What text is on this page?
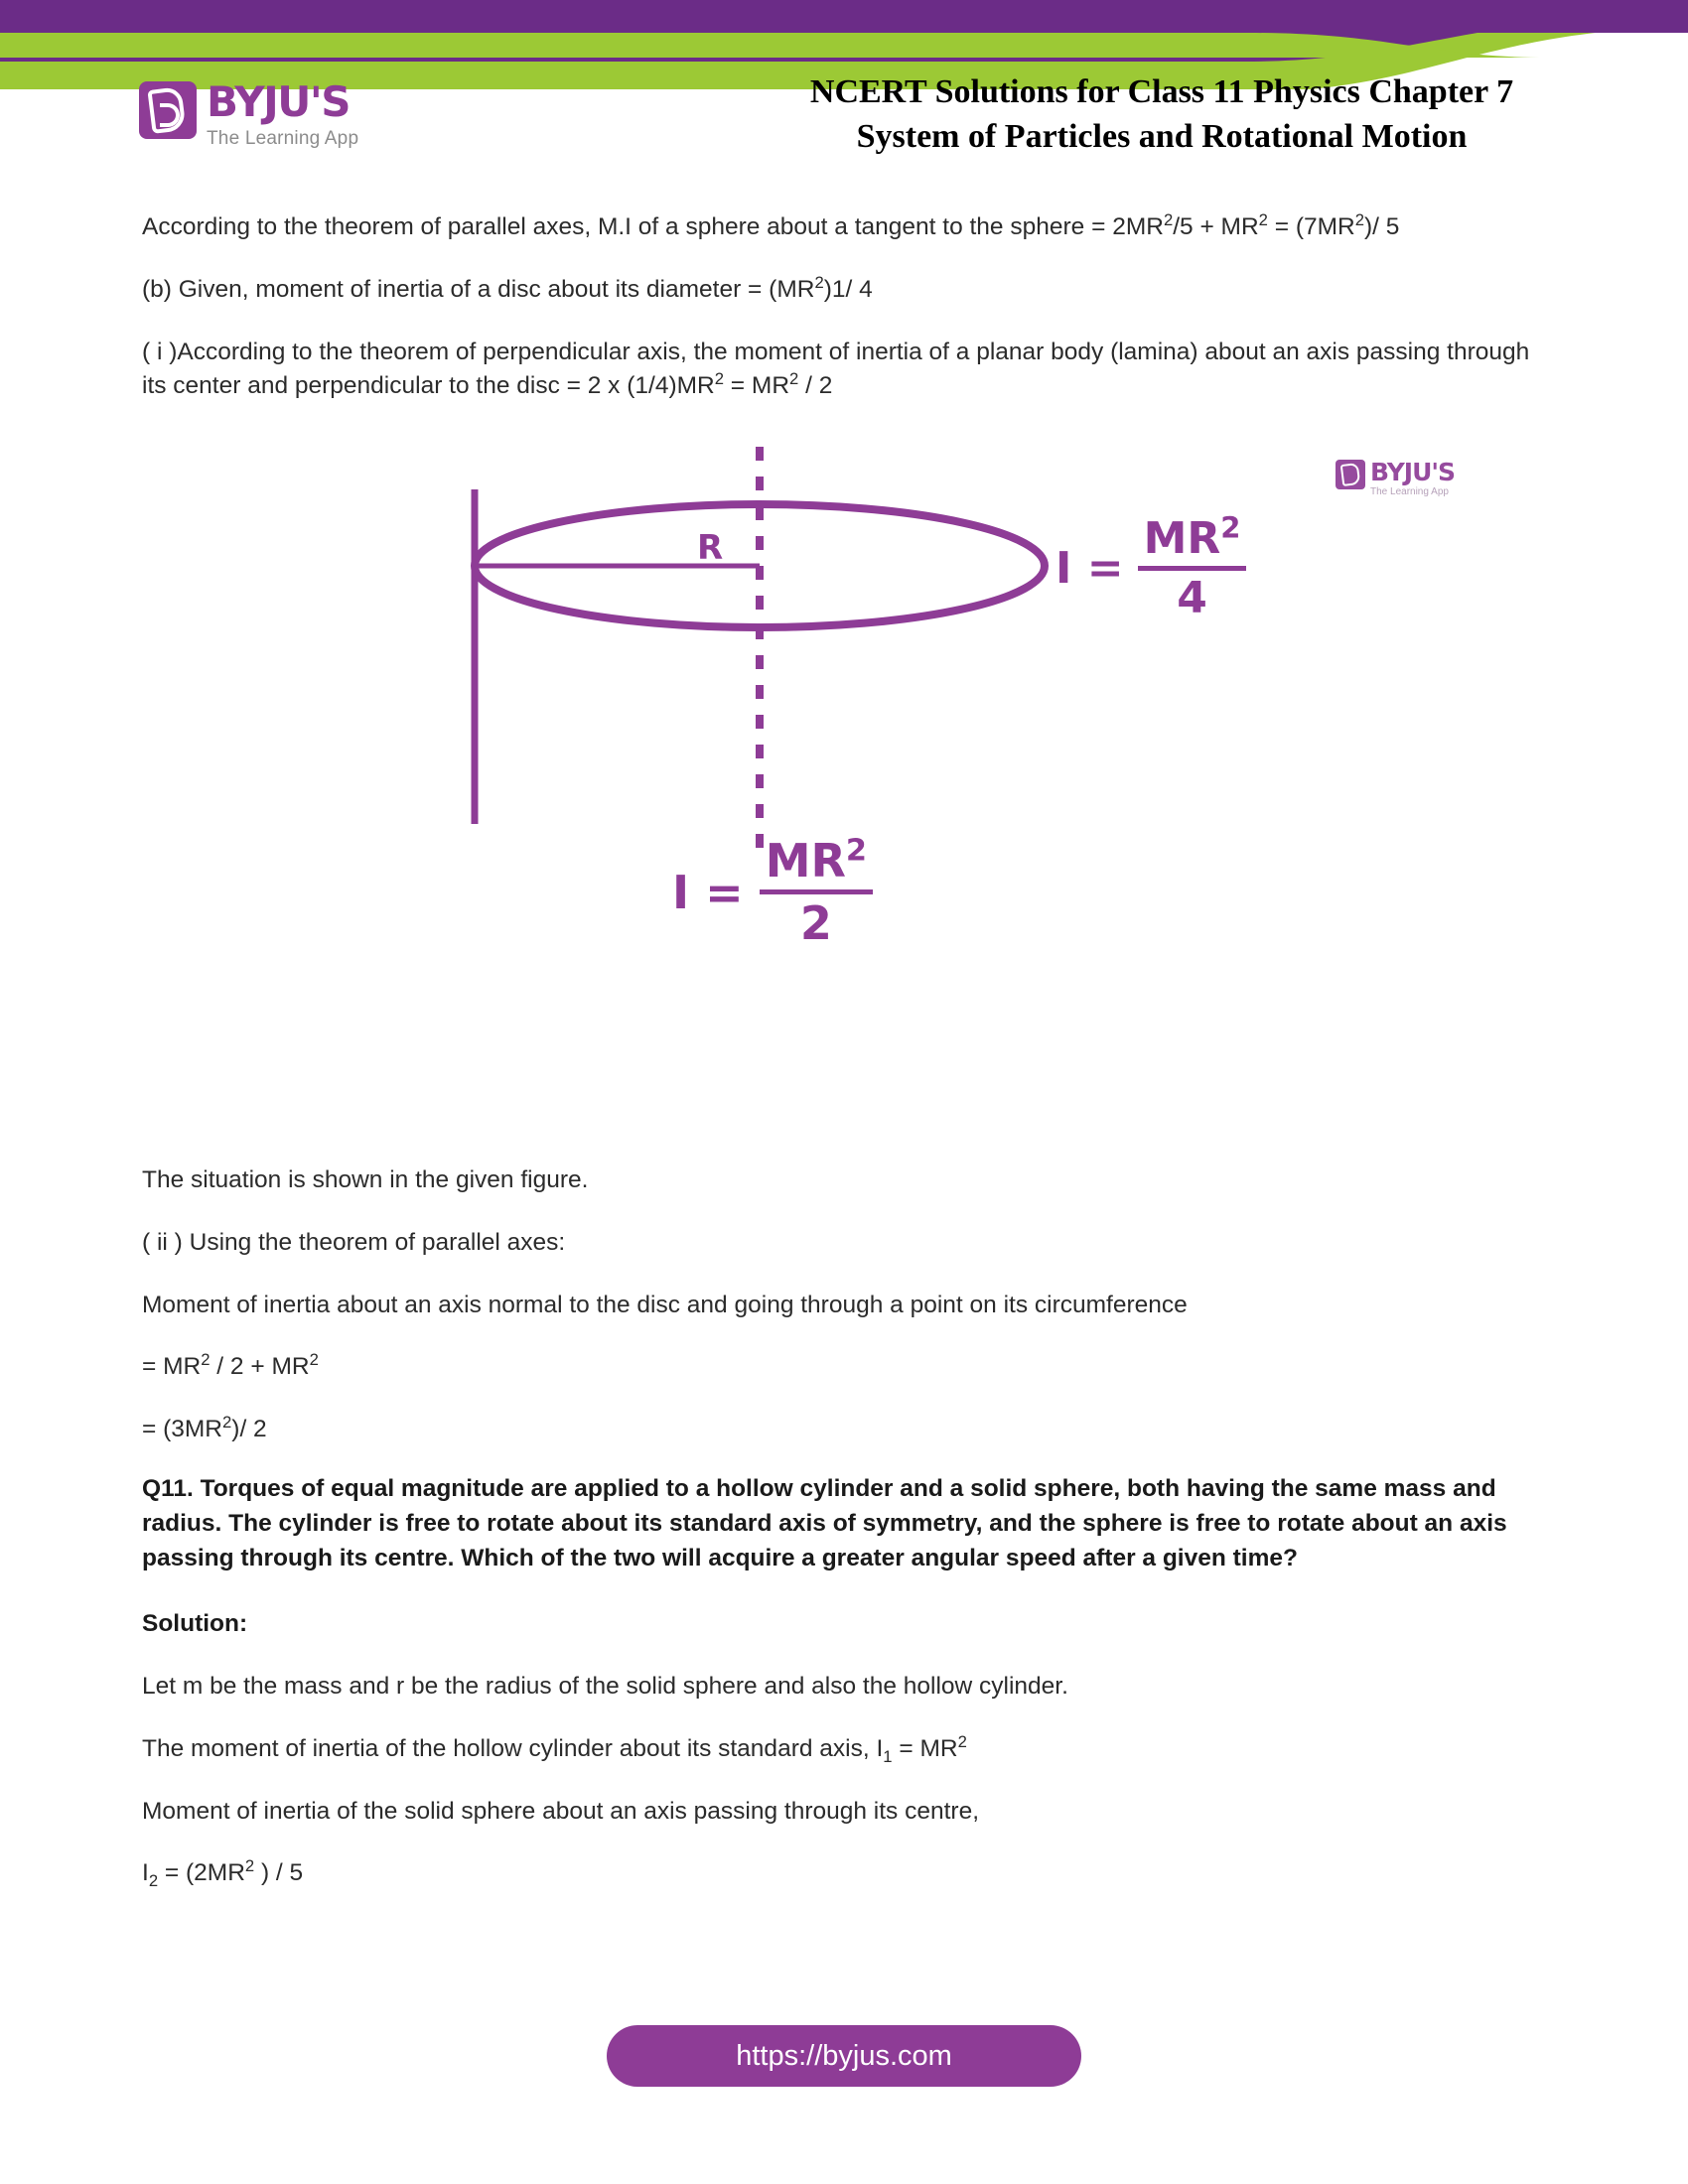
BYJU'S
The Learning App
NCERT Solutions for Class 11 Physics Chapter 7
System of Particles and Rotational Motion

According to the theorem of parallel axes, M.I of a sphere about a tangent to the sphere = $2MR^2/5 + MR^2 = (7MR^2)/$ 5

(b) Given, moment of inertia of a disc about its diameter = $(MR^2)1/$ 4

( i )According to the theorem of perpendicular axis, the moment of inertia of a planar body (lamina) about an axis passing through its center and perpendicular to the disc = 2 x $(1/4)MR^2 = MR^2 / 2$

R	I =
$MR^2$
4
I =
$MR^2$
2
BYJU'S
The Learning App

The situation is shown in the given figure.

( ii ) Using the theorem of parallel axes:

Moment of inertia about an axis normal to the disc and going through a point on its circumference

= $MR^2 / 2 + MR^2$

= $(3MR^2)/$ 2

Q11. Torques of equal magnitude are applied to a hollow cylinder and a solid sphere, both having the same mass and radius. The cylinder is free to rotate about its standard axis of symmetry, and the sphere is free to rotate about an axis passing through its centre. Which of the two will acquire a greater angular speed after a given time?

Solution:

Let m be the mass and r be the radius of the solid sphere and also the hollow cylinder.

The moment of inertia of the hollow cylinder about its standard axis, $I_1 = MR^2$

Moment of inertia of the solid sphere about an axis passing through its centre,

$I_2 = (2MR^2$ ) / 5

https://byjus.com
